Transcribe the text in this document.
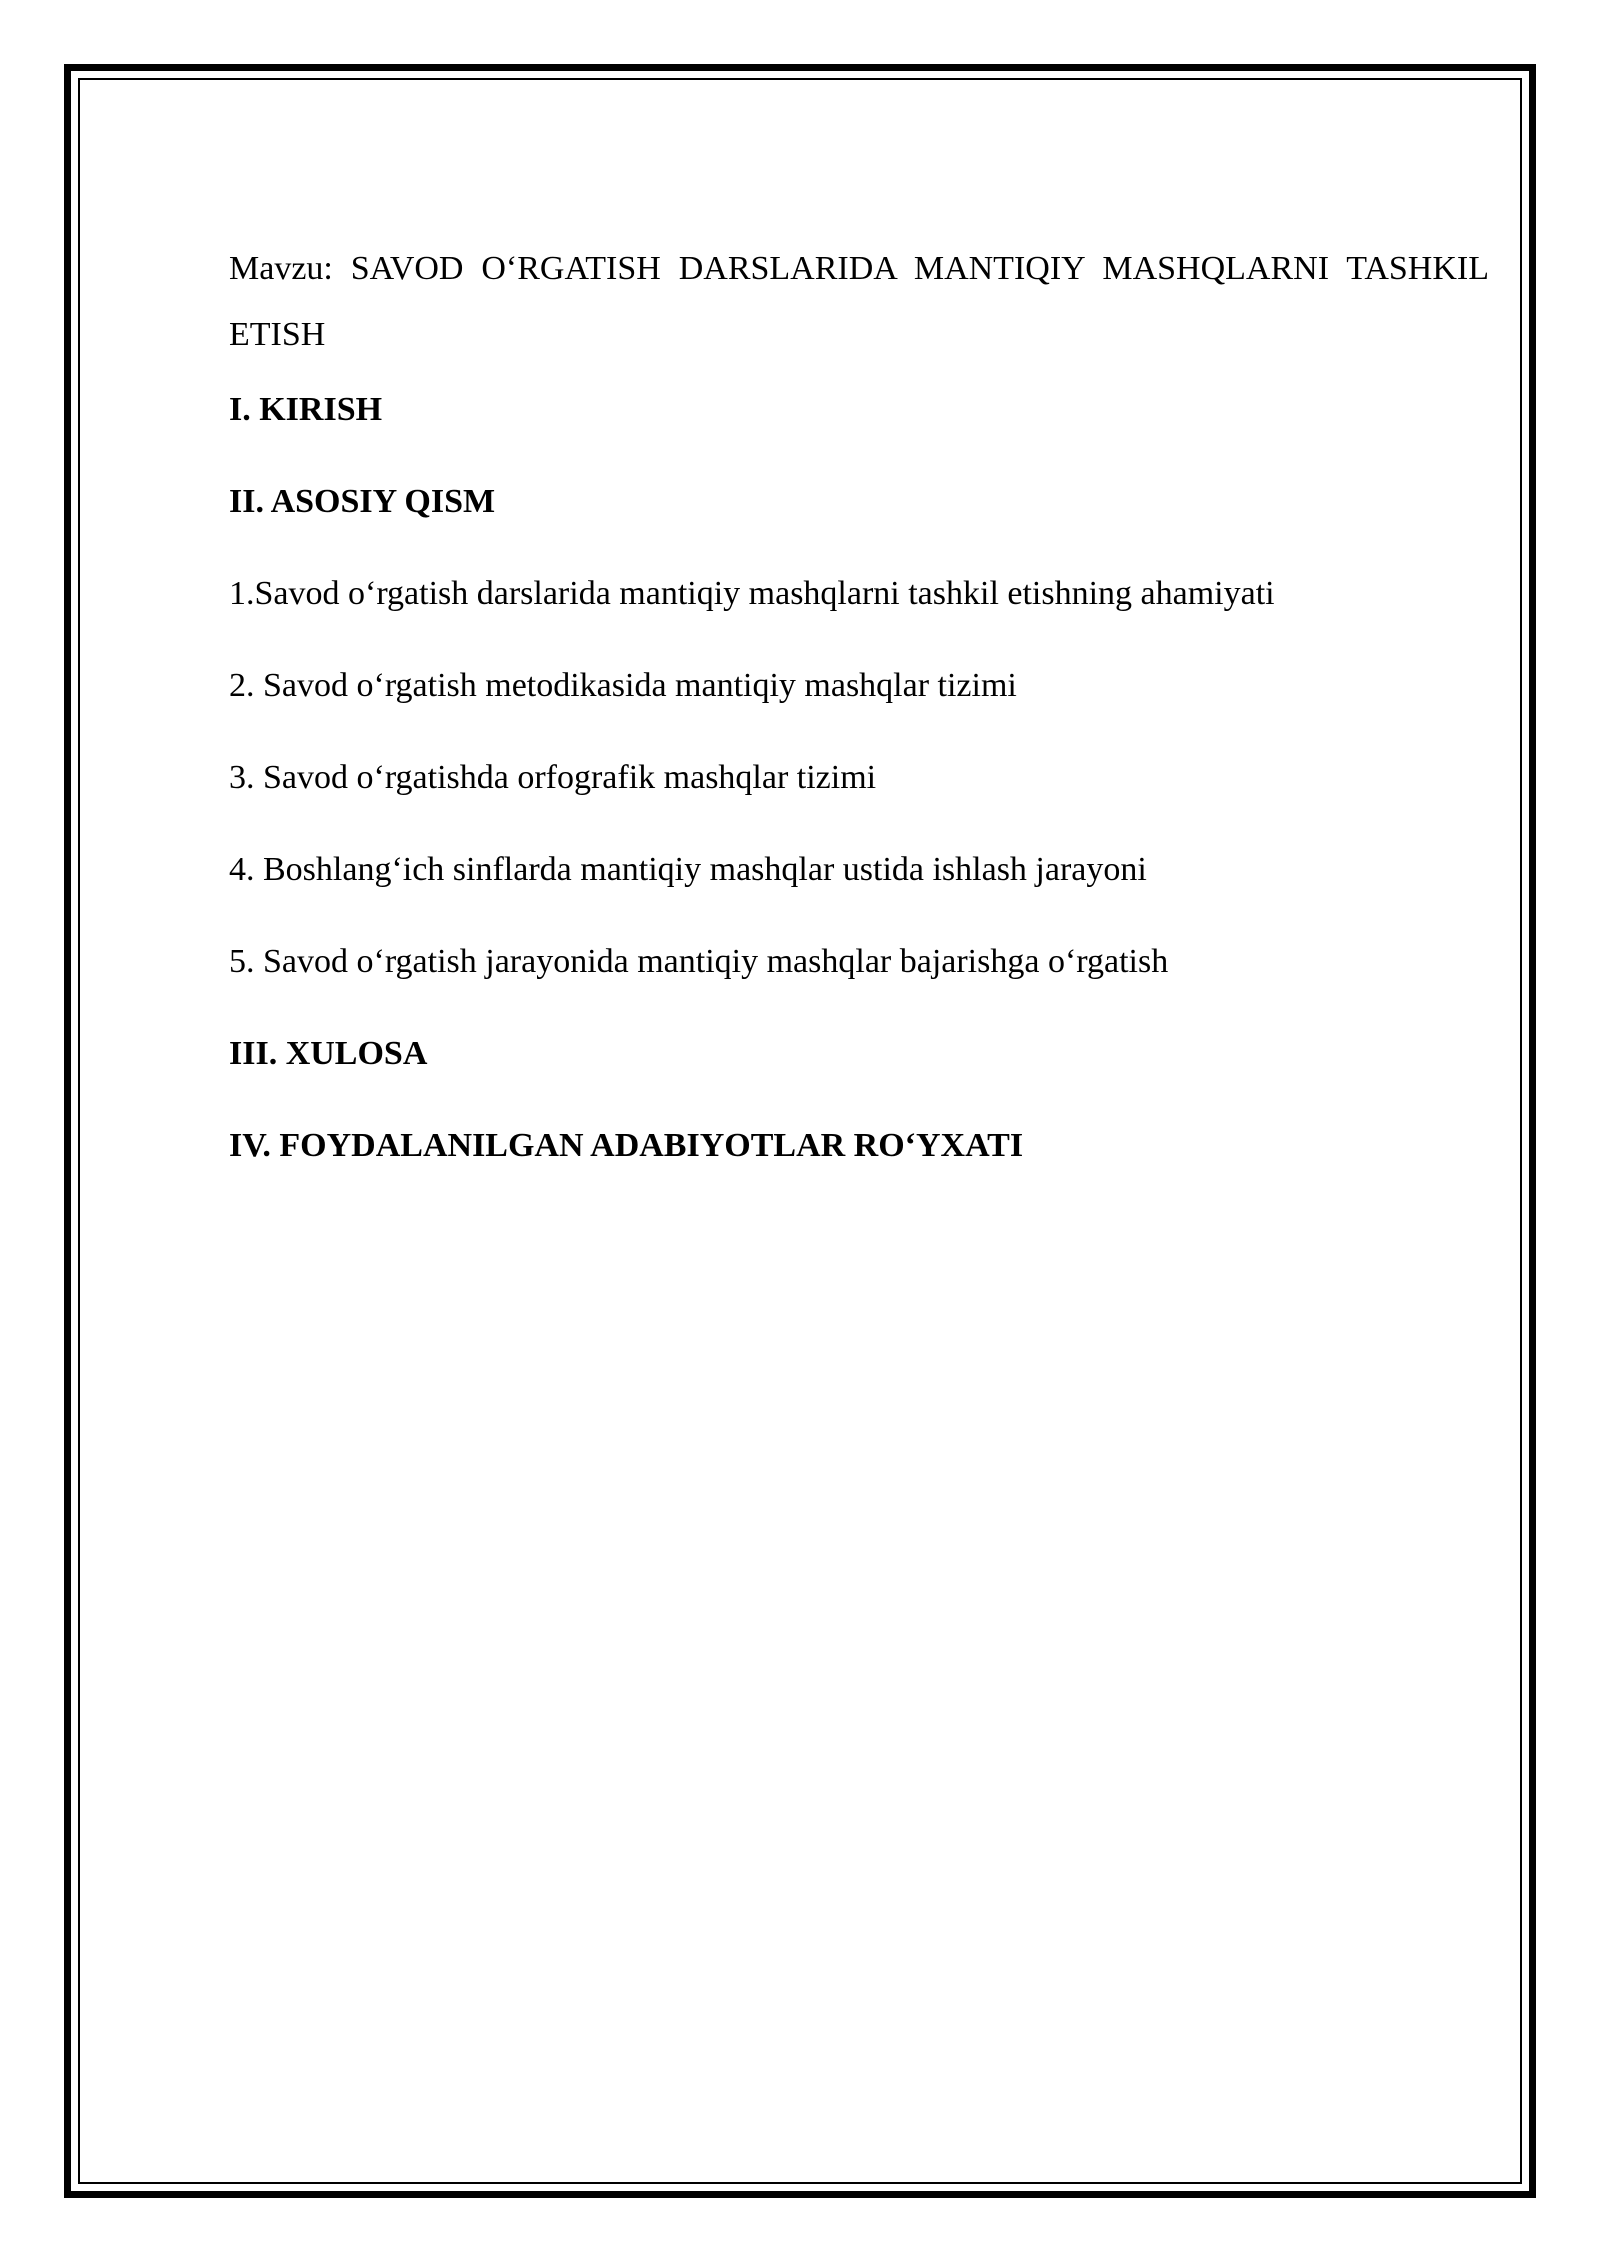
Mavzu: SAVOD O‘RGATISH DARSLARIDA MANTIQIY MASHQLARNI TASHKIL ETISH

I. KIRISH

II. ASOSIY QISM

1.Savod o‘rgatish darslarida mantiqiy mashqlarni tashkil etishning ahamiyati

2. Savod o‘rgatish metodikasida mantiqiy mashqlar tizimi

3. Savod o‘rgatishda orfografik mashqlar tizimi

4. Boshlang‘ich sinflarda mantiqiy mashqlar ustida ishlash jarayoni

5. Savod o‘rgatish jarayonida mantiqiy mashqlar bajarishga o‘rgatish

III. XULOSA

IV. FOYDALANILGAN ADABIYOTLAR RO‘YXATI
